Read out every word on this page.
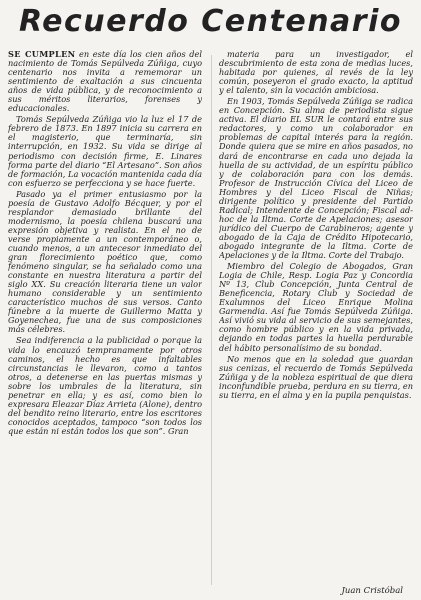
Recuerdo Centenario

SE CUMPLEN en este día los cien años del nacimiento de Tomás Sepúlveda Zúñiga, cuyo centenario nos invita a rememorar un sentimiento de exaltación a sus cincuenta años de vida pública, y de reconocimiento a sus méritos literarios, forenses y educacionales.

Tomás Sepúlveda Zúñiga vio la luz el 17 de febrero de 1873. En 1897 inicia su carrera en el magisterio, que terminaría, sin interrupción, en 1932. Su vida se dirige al periodismo con decisión firme, E. Linares forma parte del diario “El Artesano”. Son años de formación, La vocación mantenida cada día con esfuerzo se perfecciona y se hace fuerte.

Pasado ya el primer entusiasmo por la poesía de Gustavo Adolfo Bécquer, y por el resplandor demasiado brillante del modernismo, la poesía chilena buscará una expresión objetiva y realista. En el no de verse propiamente a un contemporáneo o, cuando menos, a un antecesor inmediato del gran florecimiento poético que, como fenómeno singular, se ha señalado como una constante en nuestra literatura a partir del siglo XX. Su creación literaria tiene un valor humano considerable y un sentimiento característico muchos de sus versos. Canto fúnebre a la muerte de Guillermo Matta y Goyenechea, fue una de sus composiciones más célebres.

Sea indiferencia a la publicidad o porque la vida lo encauzó tempranamente por otros caminos, el hecho es que infaltables circunstancias le llevaron, como a tantos otros, a detenerse en las puertas mismas y sobre los umbrales de la literatura, sin penetrar en ella; y es así, como bien lo expresara Eleazar Díaz Arrieta (Alone), dentro del bendito reino literario, entre los escritores conocidos aceptados, tampoco “son todos los que están ni están todos los que son”. Gran

materia para un investigador, el descubrimiento de esta zona de medias luces, habitada por quienes, al revés de la ley común, poseyeron el grado exacto, la aptitud y el talento, sin la vocación ambiciosa.

En 1903, Tomás Sepúlveda Zúñiga se radica en Concepción. Su alma de periodista sigue activa. El diario EL SUR le contará entre sus redactores, y como un colaborador en problemas de capital interés para la región. Donde quiera que se mire en años pasados, no dará de encontrarse en cada uno dejada la huella de su actividad, de un espíritu público y de colaboración para con los demás. Profesor de Instrucción Cívica del Liceo de Hombres y del Liceo Fiscal de Niñas; dirigente político y presidente del Partido Radical; Intendente de Concepción; Fiscal ad-hoc de la Iltma. Corte de Apelaciones; asesor jurídico del Cuerpo de Carabineros; agente y abogado de la Caja de Crédito Hipotecario, abogado integrante de la Iltma. Corte de Apelaciones y de la Iltma. Corte del Trabajo.

Miembro del Colegio de Abogados, Gran Logia de Chile, Resp. Logia Paz y Concordia Nº 13, Club Concepción, Junta Central de Beneficencia, Rotary Club y Sociedad de Exalumnos del Liceo Enrique Molina Garmendia. Así fue Tomás Sepúlveda Zúñiga. Así vivió su vida al servicio de sus semejantes, como hombre público y en la vida privada, dejando en todas partes la huella perdurable del hábito personalísimo de su bondad.

No menos que en la soledad que guardan sus cenizas, el recuerdo de Tomás Sepúlveda Zúñiga y de la nobleza espiritual de que diera inconfundible prueba, perdura en su tierra, en su tierra, en el alma y en la pupila penquistas.

Juan Cristóbal
